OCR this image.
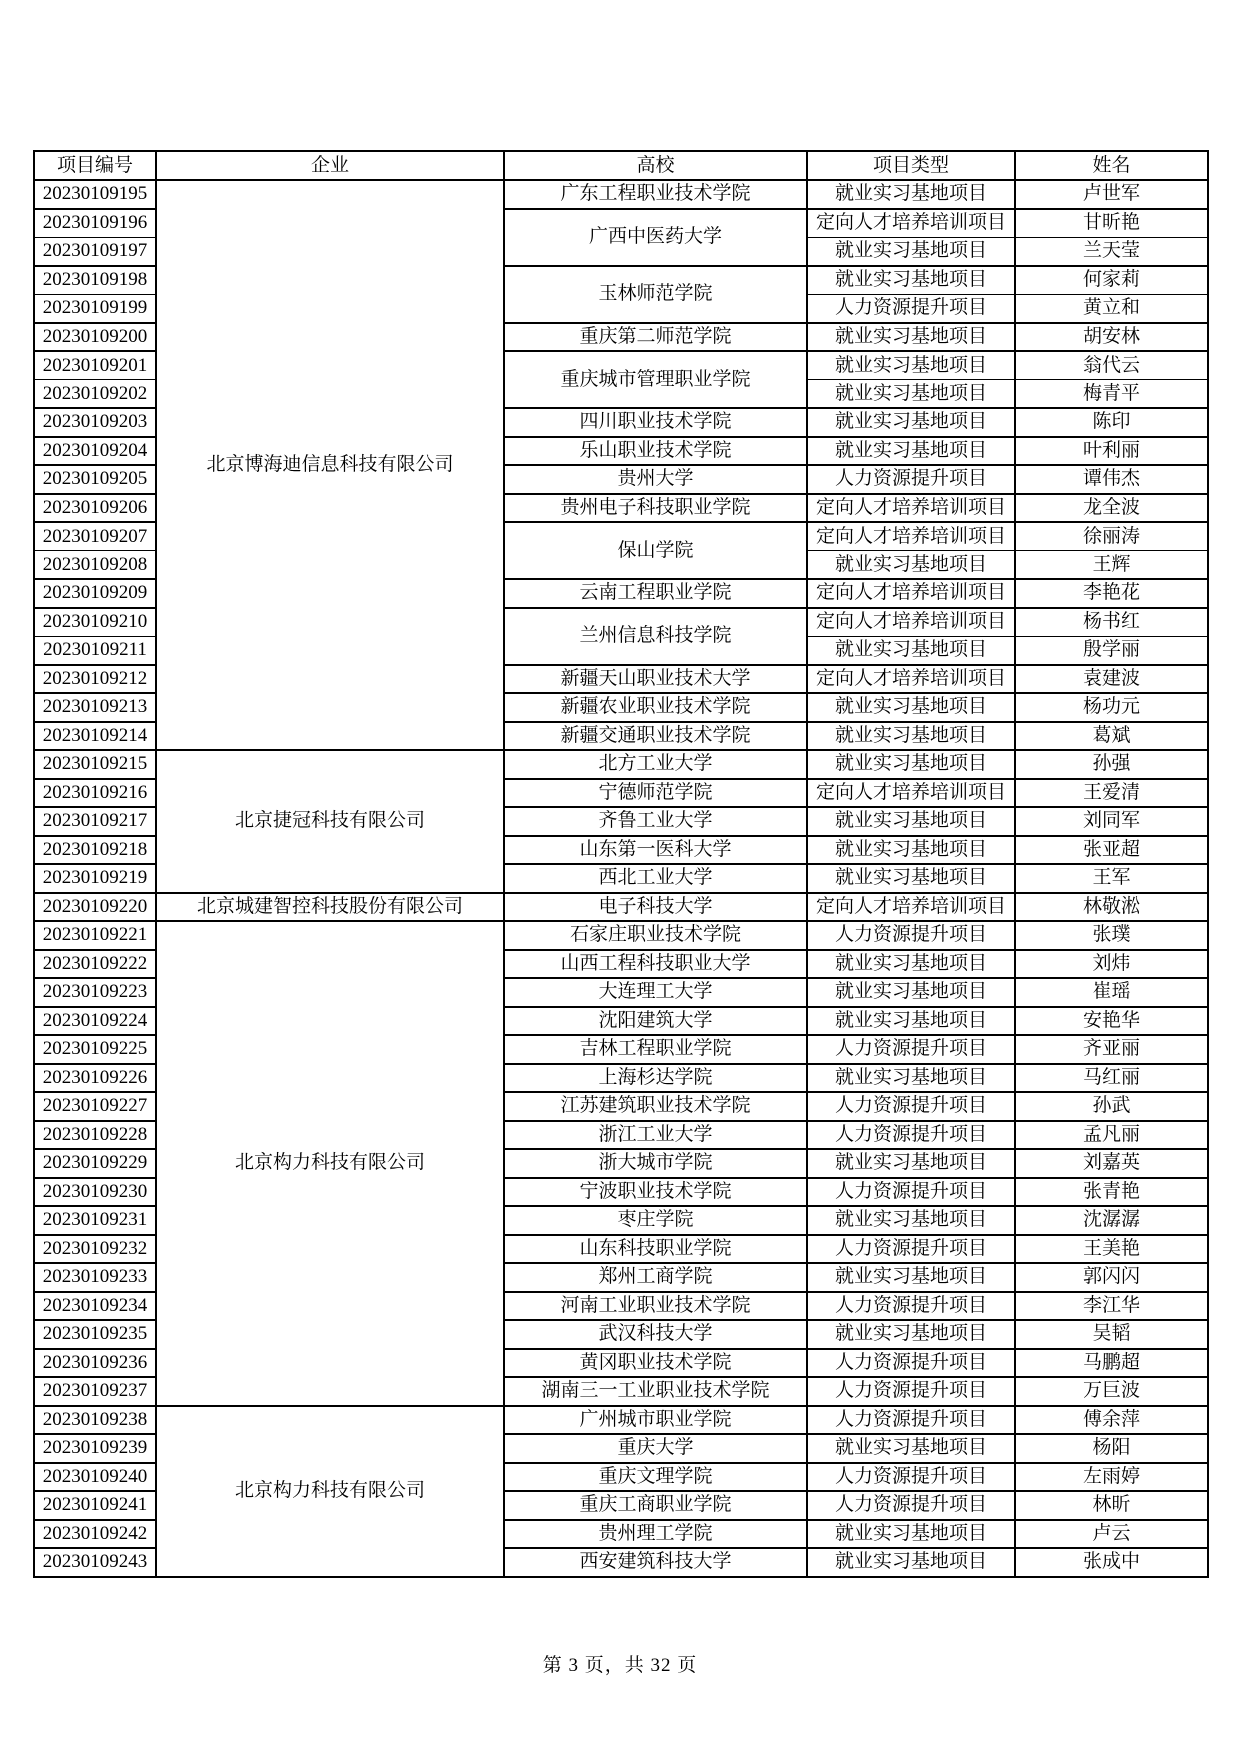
项目编号	企业	高校	项目类型	姓名
20230109195	北京博海迪信息科技有限公司	广东工程职业技术学院	就业实习基地项目	卢世军
20230109196		广西中医药大学	定向人才培养培训项目	甘昕艳
20230109197			就业实习基地项目	兰天莹
20230109198		玉林师范学院	就业实习基地项目	何家莉
20230109199			人力资源提升项目	黄立和
20230109200		重庆第二师范学院	就业实习基地项目	胡安林
20230109201		重庆城市管理职业学院	就业实习基地项目	翁代云
20230109202			就业实习基地项目	梅青平
20230109203		四川职业技术学院	就业实习基地项目	陈印
20230109204		乐山职业技术学院	就业实习基地项目	叶利丽
20230109205		贵州大学	人力资源提升项目	谭伟杰
20230109206		贵州电子科技职业学院	定向人才培养培训项目	龙全波
20230109207		保山学院	定向人才培养培训项目	徐丽涛
20230109208			就业实习基地项目	王辉
20230109209		云南工程职业学院	定向人才培养培训项目	李艳花
20230109210		兰州信息科技学院	定向人才培养培训项目	杨书红
20230109211			就业实习基地项目	殷学丽
20230109212		新疆天山职业技术大学	定向人才培养培训项目	袁建波
20230109213		新疆农业职业技术学院	就业实习基地项目	杨功元
20230109214		新疆交通职业技术学院	就业实习基地项目	葛斌
20230109215	北京捷冠科技有限公司	北方工业大学	就业实习基地项目	孙强
20230109216		宁德师范学院	定向人才培养培训项目	王爱清
20230109217		齐鲁工业大学	就业实习基地项目	刘同军
20230109218		山东第一医科大学	就业实习基地项目	张亚超
20230109219		西北工业大学	就业实习基地项目	王军
20230109220	北京城建智控科技股份有限公司	电子科技大学	定向人才培养培训项目	林敬淞
20230109221	北京构力科技有限公司	石家庄职业技术学院	人力资源提升项目	张璞
20230109222		山西工程科技职业大学	就业实习基地项目	刘炜
20230109223		大连理工大学	就业实习基地项目	崔瑶
20230109224		沈阳建筑大学	就业实习基地项目	安艳华
20230109225		吉林工程职业学院	人力资源提升项目	齐亚丽
20230109226		上海杉达学院	就业实习基地项目	马红丽
20230109227		江苏建筑职业技术学院	人力资源提升项目	孙武
20230109228		浙江工业大学	人力资源提升项目	孟凡丽
20230109229		浙大城市学院	就业实习基地项目	刘嘉英
20230109230		宁波职业技术学院	人力资源提升项目	张青艳
20230109231		枣庄学院	就业实习基地项目	沈潺潺
20230109232		山东科技职业学院	人力资源提升项目	王美艳
20230109233		郑州工商学院	就业实习基地项目	郭闪闪
20230109234		河南工业职业技术学院	人力资源提升项目	李江华
20230109235		武汉科技大学	就业实习基地项目	吴韬
20230109236		黄冈职业技术学院	人力资源提升项目	马鹏超
20230109237		湖南三一工业职业技术学院	人力资源提升项目	万巨波
20230109238	北京构力科技有限公司	广州城市职业学院	人力资源提升项目	傅余萍
20230109239		重庆大学	就业实习基地项目	杨阳
20230109240		重庆文理学院	人力资源提升项目	左雨婷
20230109241		重庆工商职业学院	人力资源提升项目	林昕
20230109242		贵州理工学院	就业实习基地项目	卢云
20230109243		西安建筑科技大学	就业实习基地项目	张成中
第 3 页，共 32 页
